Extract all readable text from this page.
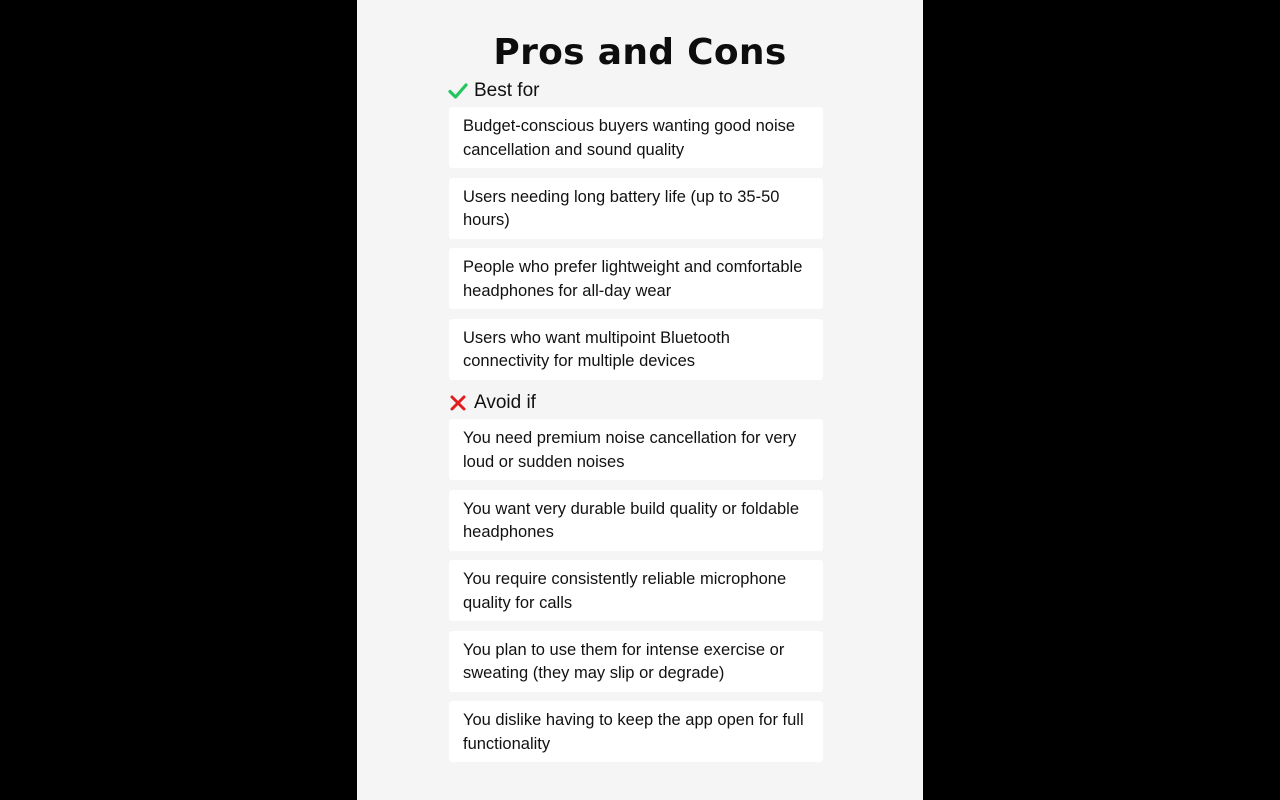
Pros and Cons
Best for
Budget-conscious buyers wanting good noise cancellation and sound quality
Users needing long battery life (up to 35-50 hours)
People who prefer lightweight and comfortable headphones for all-day wear
Users who want multipoint Bluetooth connectivity for multiple devices
Avoid if
You need premium noise cancellation for very loud or sudden noises
You want very durable build quality or foldable headphones
You require consistently reliable microphone quality for calls
You plan to use them for intense exercise or sweating (they may slip or degrade)
You dislike having to keep the app open for full functionality
